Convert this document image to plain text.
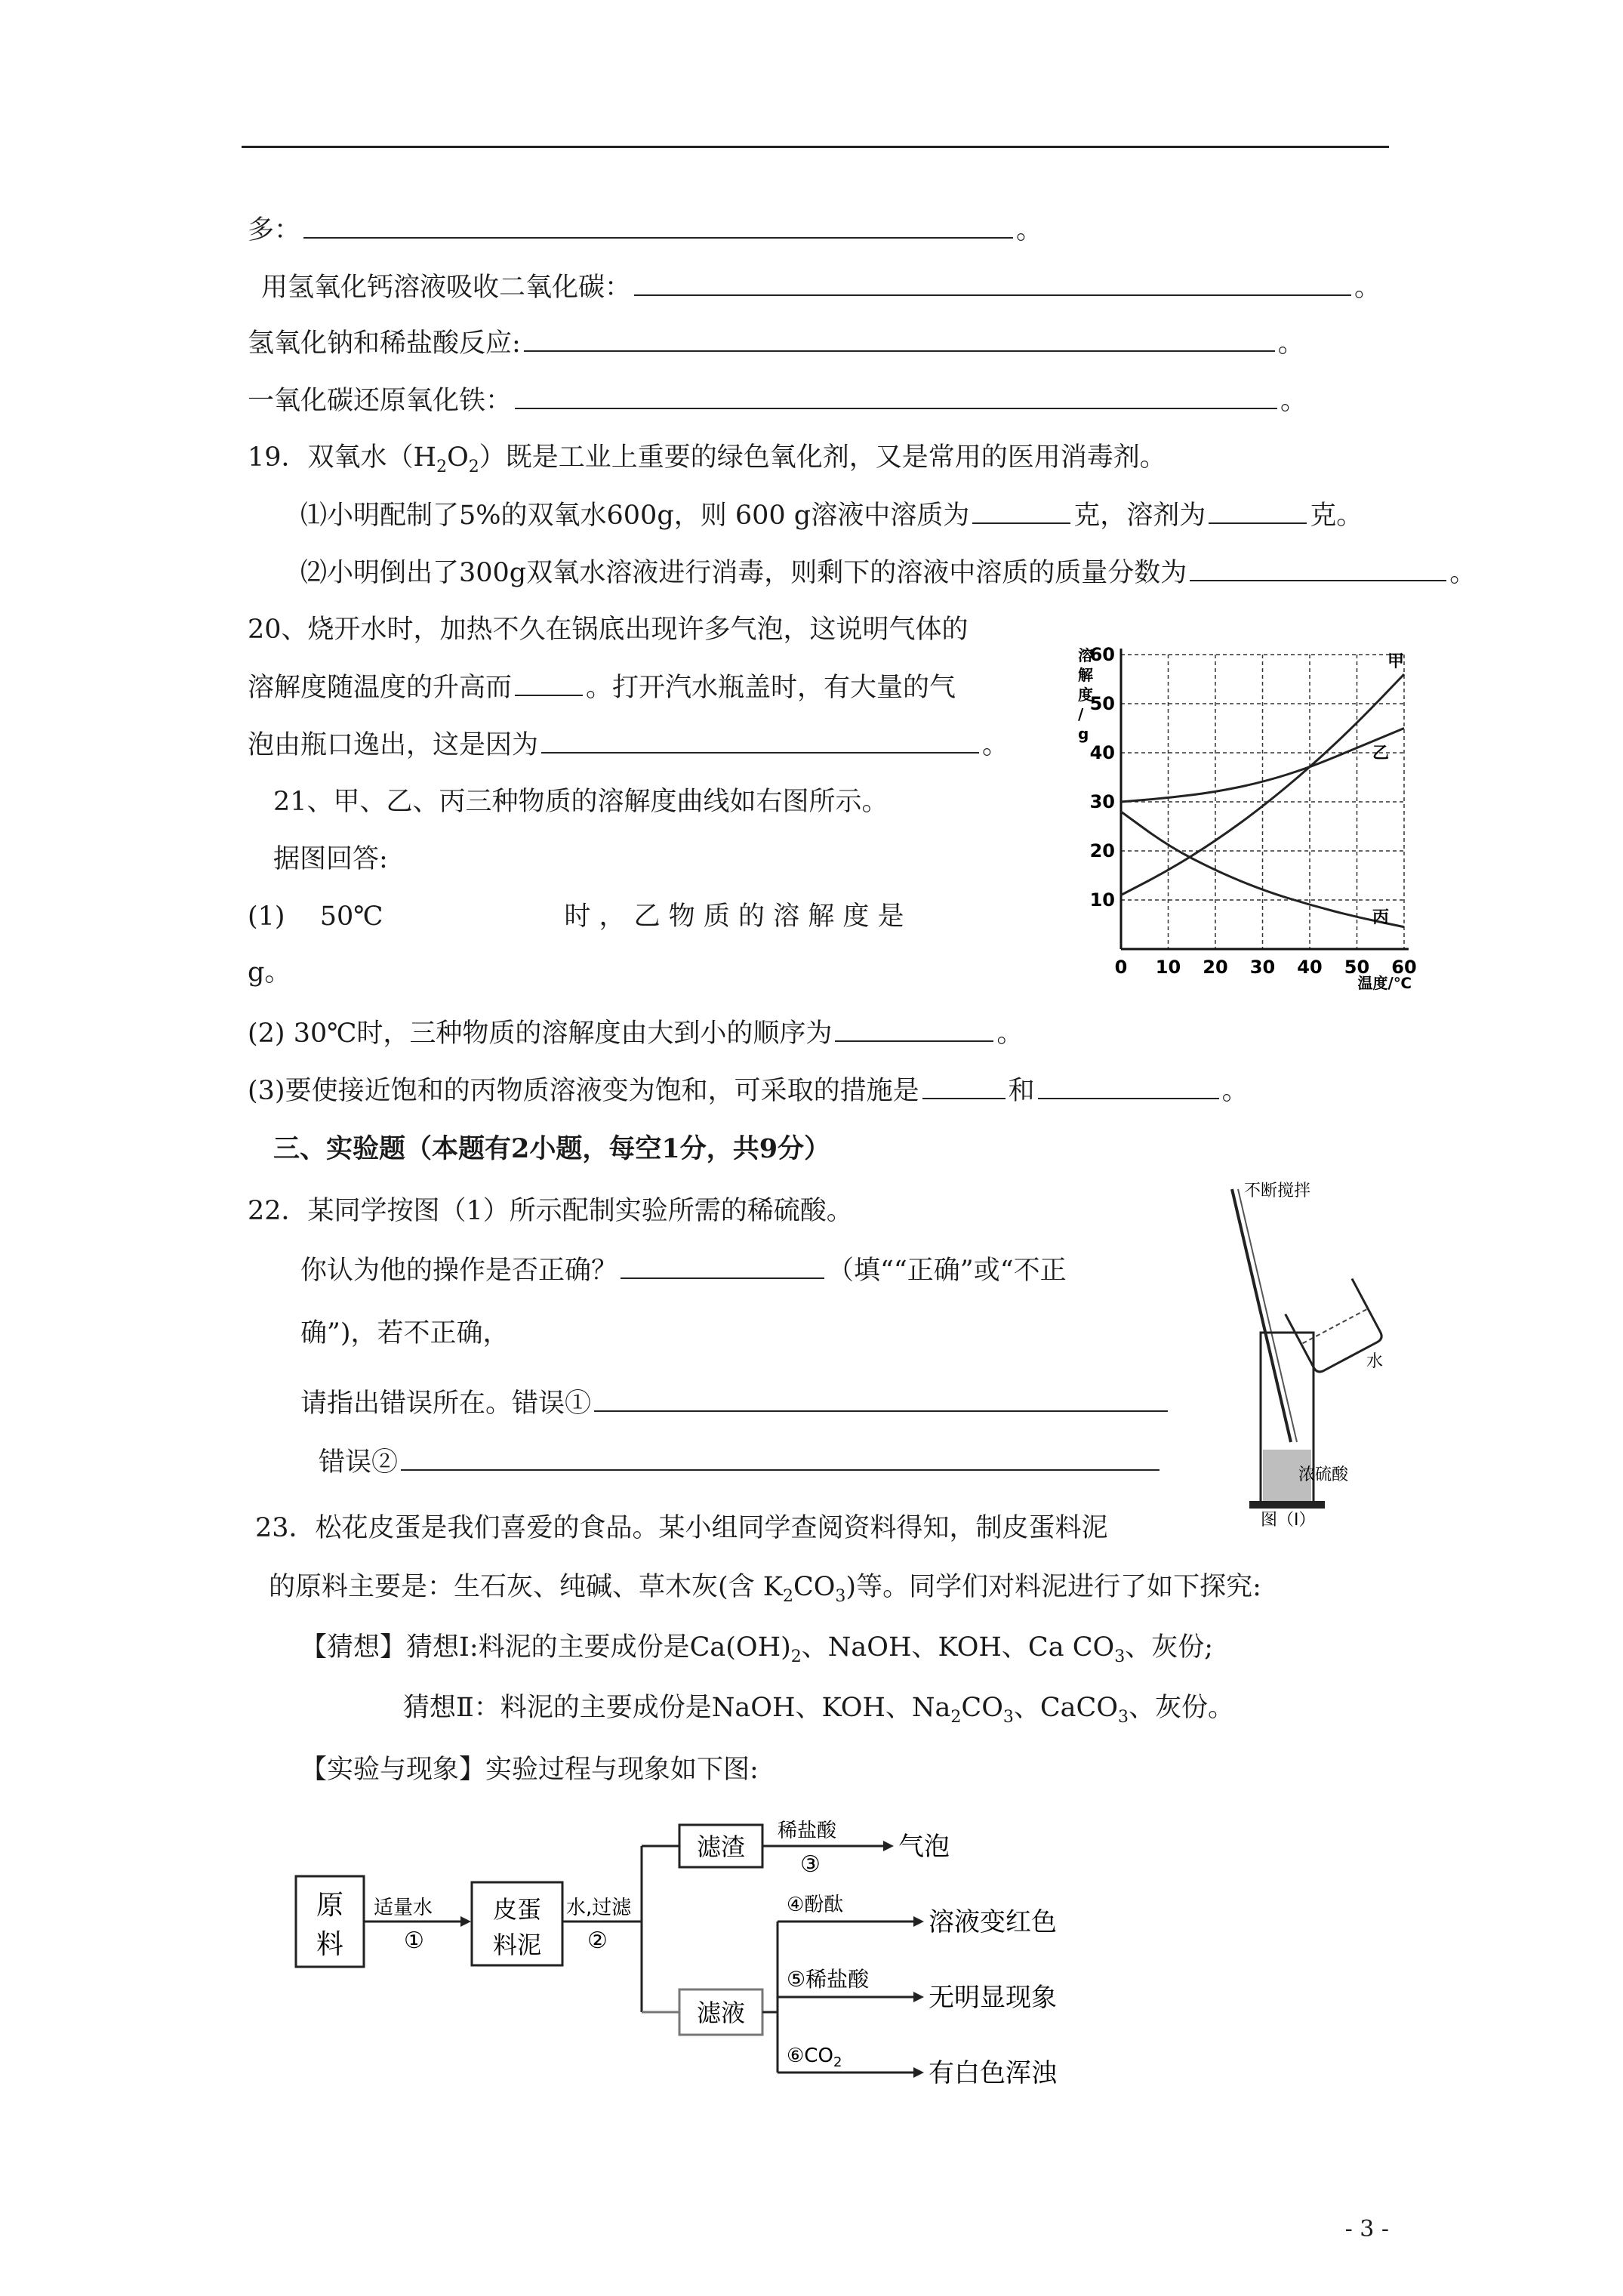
多：	。
用氢氧化钙溶液吸收二氧化碳：	。
氢氧化钠和稀盐酸反应:	。
一氧化碳还原氧化铁：	。
19．双氧水$(H_2O_2)$既是工业上重要的绿色氧化剂，又是常用的医用消毒剂。
⑴小明配制了5%的双氧水600g，则 600 g溶液中溶质为	克，溶剂为	克。
⑵小明倒出了300g双氧水溶液进行消毒，则剩下的溶液中溶质的质量分数为	。
20、烧开水时，加热不久在锅底出现许多气泡，这说明气体的
溶解度随温度的升高而	。打开汽水瓶盖时，有大量的气
泡由瓶口逸出，这是因为	。
21、甲、乙、丙三种物质的溶解度曲线如右图所示。
据图回答:
(1)　 50℃	时 ， 乙 物 质 的 溶 解 度 是
g。
(2) 30℃时，三种物质的溶解度由大到小的顺序为	。
(3)要使接近饱和的丙物质溶液变为饱和，可采取的措施是	和	。
三、实验题（本题有2小题，每空1分，共9分）
22．某同学按图（1）所示配制实验所需的稀硫酸。
你认为他的操作是否正确？	（填““正确”或“不正
确”)，若不正确，
请指出错误所在。错误①
错误②
23．松花皮蛋是我们喜爱的食品。某小组同学查阅资料得知，制皮蛋料泥
的原料主要是：生石灰、纯碱、草木灰(含 $K_2CO_3$)等。同学们对料泥进行了如下探究:
【猜想】猜想Ⅰ:料泥的主要成份是$Ca(OH)_2$、NaOH、KOH、Ca $CO_3$、灰份;
猜想Ⅱ：料泥的主要成份是NaOH、KOH、$Na_2CO_3$、CaCO$_3$、灰份。
【实验与现象】实验过程与现象如下图:
0 10 20 30 40 50 60
10
20
30
40
50
60
溶解度/ g
温度/℃
甲
乙
丙
不断搅拌
水
浓硫酸
图（Ⅰ）
原
料
适量水
①
皮蛋
料泥
水,过滤
②
滤渣
滤液
稀盐酸
③
气泡
④酚酞
溶液变红色
⑤稀盐酸
无明显现象
$⑥CO_2$	有白色浑浊
- 3 -
